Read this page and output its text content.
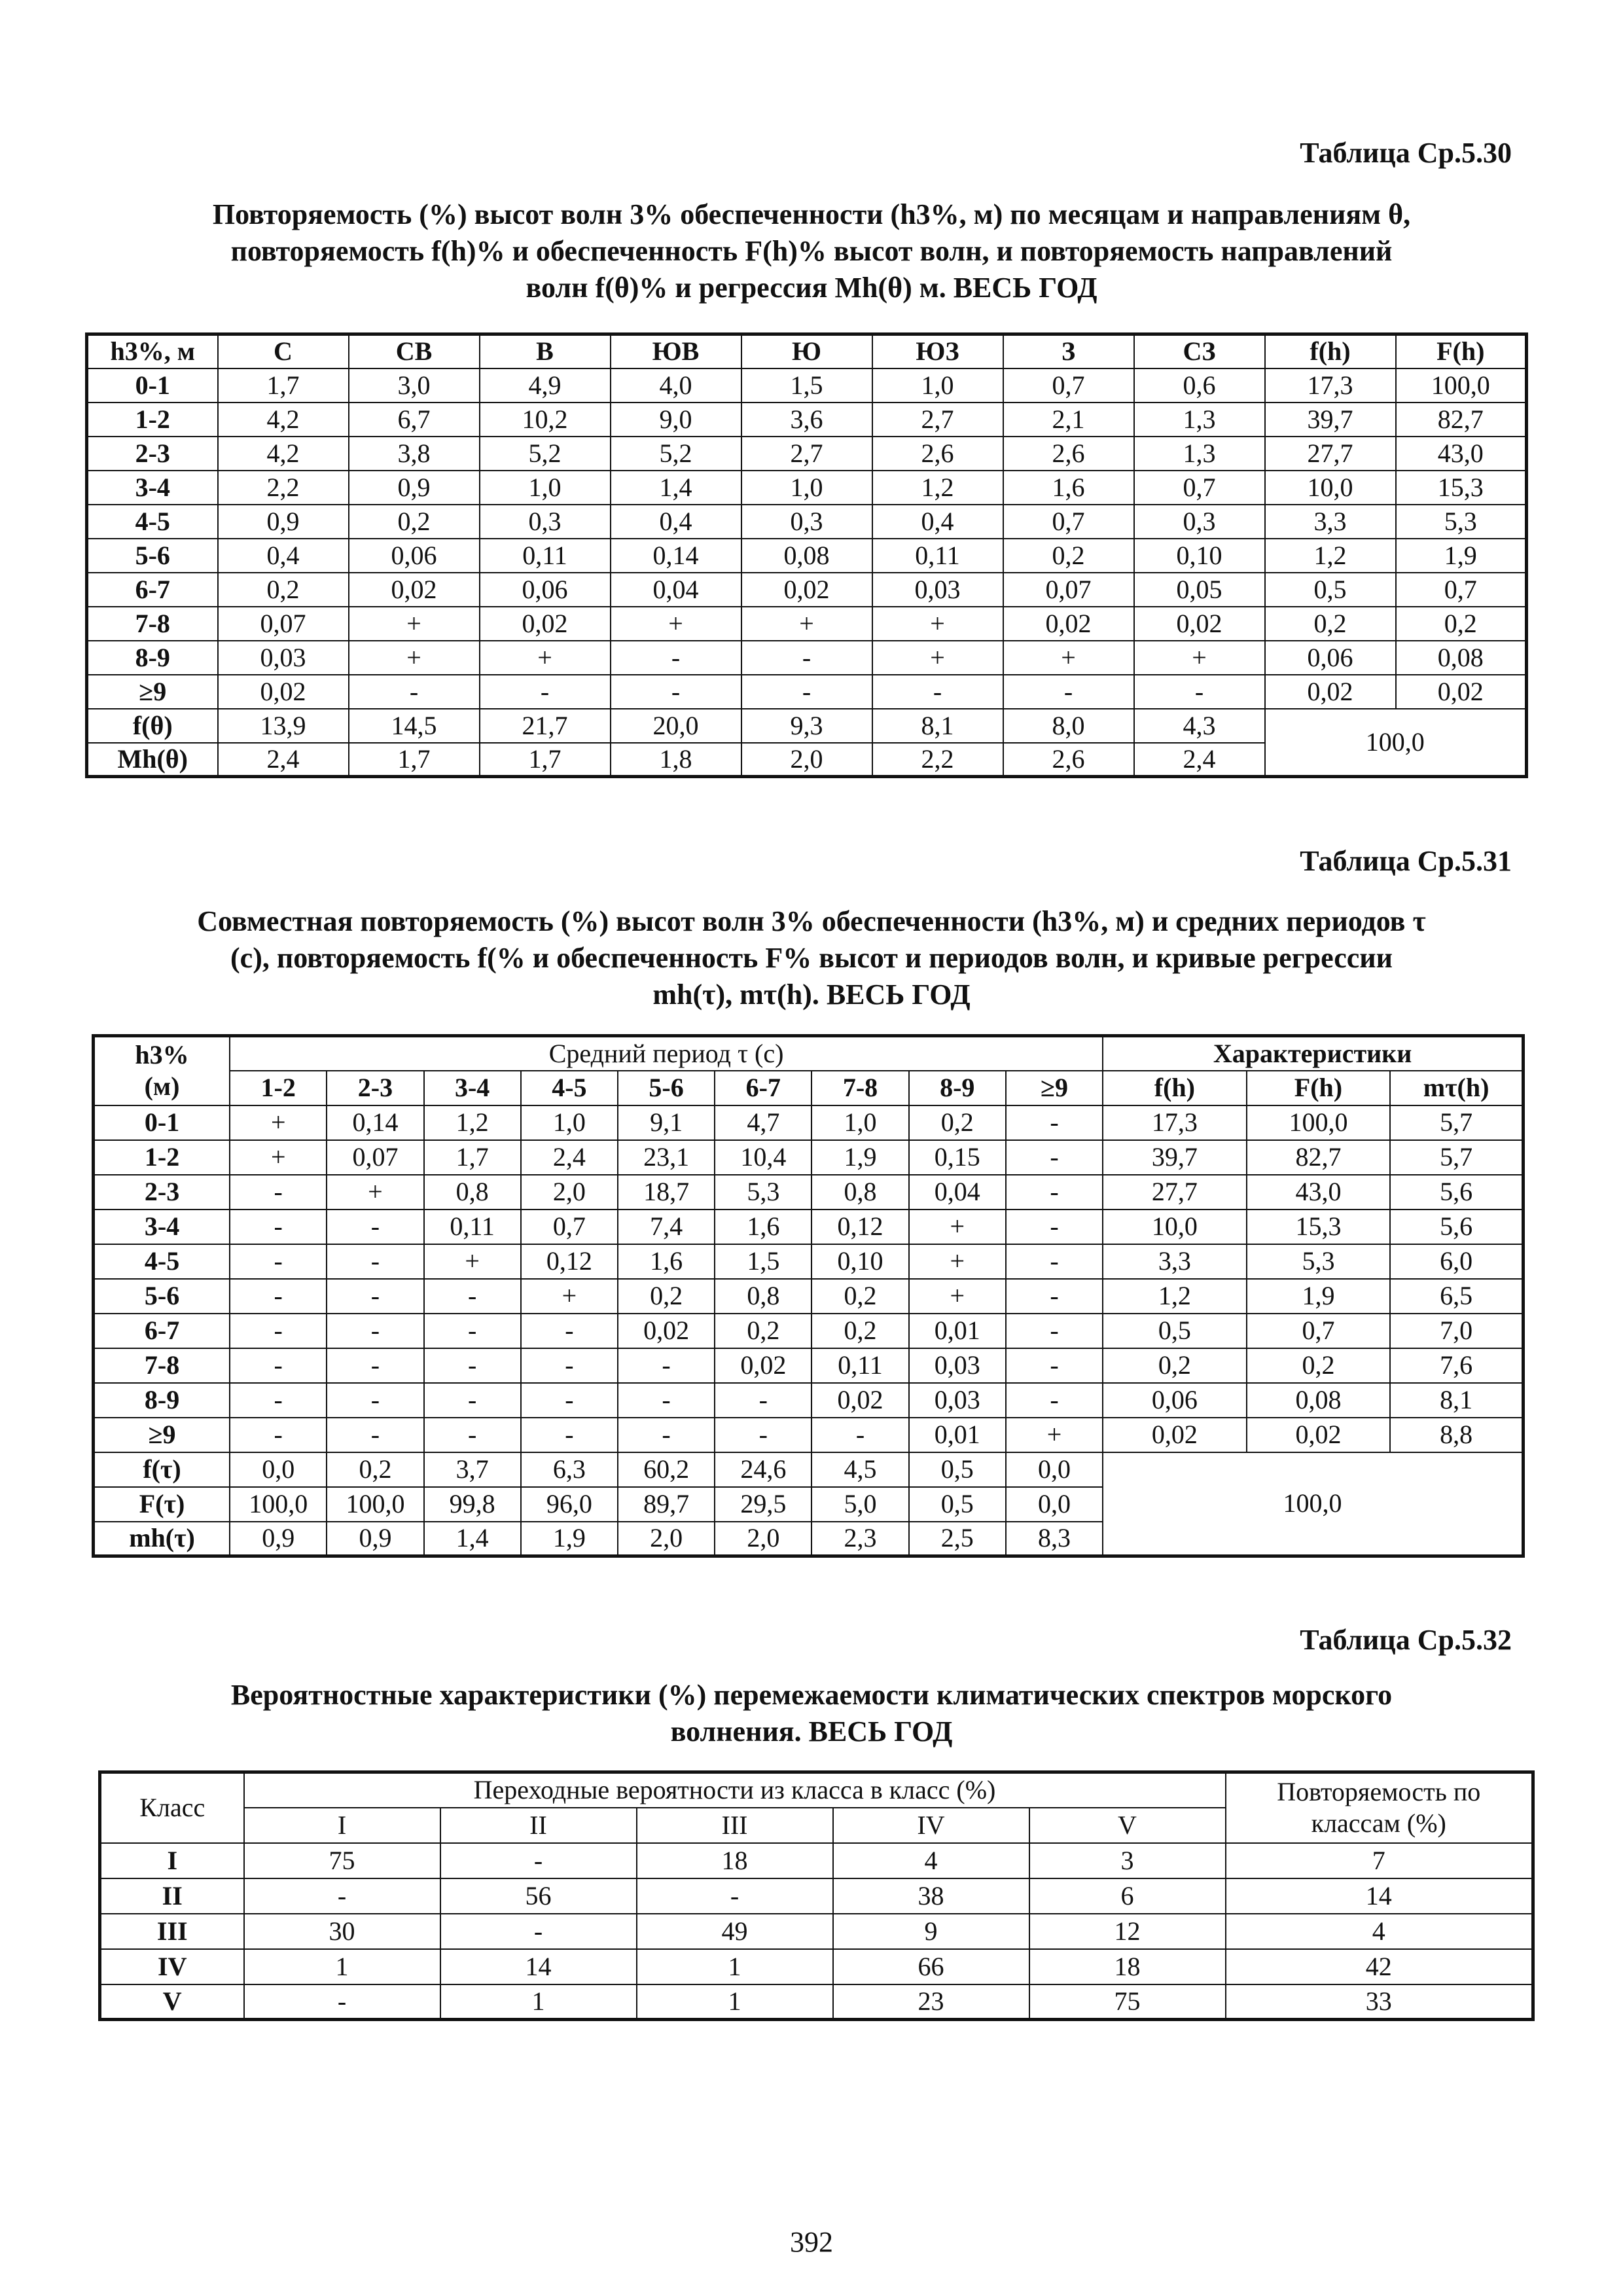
Таблица Ср.5.30
Повторяемость (%) высот волн 3% обеспеченности (h3%, м) по месяцам и направлениям θ,
повторяемость f(h)% и обеспеченность F(h)% высот волн, и повторяемость направлений
волн f(θ)% и регрессия Mh(θ) м. ВЕСЬ ГОД
h3%, м	С	СВ	В	ЮВ	Ю	ЮЗ	З	СЗ	f(h)	F(h)
0-1	1,7	3,0	4,9	4,0	1,5	1,0	0,7	0,6	17,3	100,0
1-2	4,2	6,7	10,2	9,0	3,6	2,7	2,1	1,3	39,7	82,7
2-3	4,2	3,8	5,2	5,2	2,7	2,6	2,6	1,3	27,7	43,0
3-4	2,2	0,9	1,0	1,4	1,0	1,2	1,6	0,7	10,0	15,3
4-5	0,9	0,2	0,3	0,4	0,3	0,4	0,7	0,3	3,3	5,3
5-6	0,4	0,06	0,11	0,14	0,08	0,11	0,2	0,10	1,2	1,9
6-7	0,2	0,02	0,06	0,04	0,02	0,03	0,07	0,05	0,5	0,7
7-8	0,07	+	0,02	+	+	+	0,02	0,02	0,2	0,2
8-9	0,03	+	+	-	-	+	+	+	0,06	0,08
≥9	0,02	-	-	-	-	-	-	-	0,02	0,02
f(θ)	13,9	14,5	21,7	20,0	9,3	8,1	8,0	4,3	100,0	
Mh(θ)	2,4	1,7	1,7	1,8	2,0	2,2	2,6	2,4		
Таблица Ср.5.31
Совместная повторяемость (%) высот волн 3% обеспеченности (h3%, м) и средних периодов τ
(с), повторяемость f(% и обеспеченность F% высот и периодов волн, и кривые регрессии
mh(τ), mτ(h). ВЕСЬ ГОД
h3%
(м)	Средний период τ (с)									Характеристики		
	1-2	2-3	3-4	4-5	5-6	6-7	7-8	8-9	≥9	f(h)	F(h)	mτ(h)
0-1	+	0,14	1,2	1,0	9,1	4,7	1,0	0,2	-	17,3	100,0	5,7
1-2	+	0,07	1,7	2,4	23,1	10,4	1,9	0,15	-	39,7	82,7	5,7
2-3	-	+	0,8	2,0	18,7	5,3	0,8	0,04	-	27,7	43,0	5,6
3-4	-	-	0,11	0,7	7,4	1,6	0,12	+	-	10,0	15,3	5,6
4-5	-	-	+	0,12	1,6	1,5	0,10	+	-	3,3	5,3	6,0
5-6	-	-	-	+	0,2	0,8	0,2	+	-	1,2	1,9	6,5
6-7	-	-	-	-	0,02	0,2	0,2	0,01	-	0,5	0,7	7,0
7-8	-	-	-	-	-	0,02	0,11	0,03	-	0,2	0,2	7,6
8-9	-	-	-	-	-	-	0,02	0,03	-	0,06	0,08	8,1
≥9	-	-	-	-	-	-	-	0,01	+	0,02	0,02	8,8
f(τ)	0,0	0,2	3,7	6,3	60,2	24,6	4,5	0,5	0,0	100,0		
F(τ)	100,0	100,0	99,8	96,0	89,7	29,5	5,0	0,5	0,0			
mh(τ)	0,9	0,9	1,4	1,9	2,0	2,0	2,3	2,5	8,3			
Таблица Ср.5.32
Вероятностные характеристики (%) перемежаемости климатических спектров морского
волнения. ВЕСЬ ГОД
Класс	Переходные вероятности из класса в класс (%)					Повторяемость по
классам (%)
	I	II	III	IV	V	
I	75	-	18	4	3	7
II	-	56	-	38	6	14
III	30	-	49	9	12	4
IV	1	14	1	66	18	42
V	-	1	1	23	75	33
392
